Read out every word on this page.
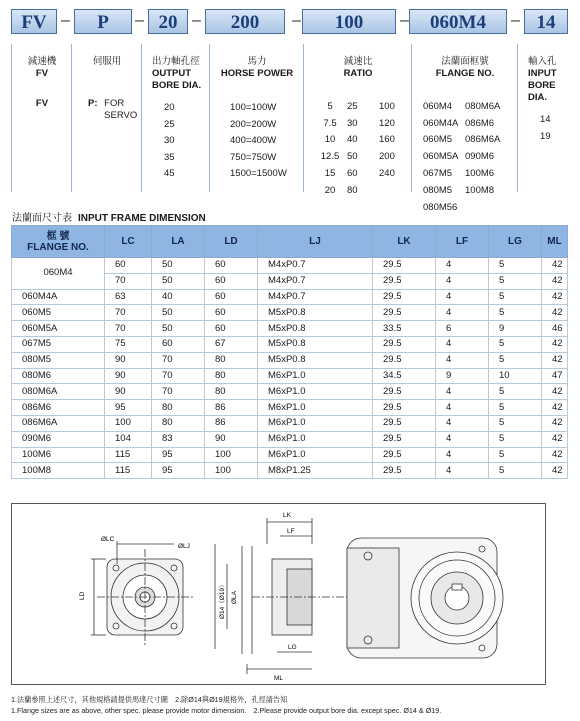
FV –	P	– 20 –	200	–	100	–	060M4	– 14
減速機
FV
FV
伺服用
P: FOR
SERVO
出力軸孔徑
OUTPUT
BORE DIA.
20
25
30
35
45
馬力
HORSE POWER
100=100W
200=200W
400=400W
750=750W
1500=1500W
減速比
RATIO
5	25	100
7.5	30	120
10	40	160
12.5	50	200
15	60	240
20	80	
法蘭面框號
FLANGE NO.
060M4	080M6A
060M4A	086M6
060M5	086M6A
060M5A	090M6
067M5	100M6
080M5	100M8
080M56	
輸入孔
INPUT
BORE DIA.
14
19
法蘭面尺寸表 INPUT FRAME DIMENSION
框 號
FLANGE NO.	LC	LA	LD	LJ	LK	LF	LG	ML
060M4	60	50	60	M4xP0.7	29.5	4	5	42
	70	50	60	M4xP0.7	29.5	4	5	42
060M4A	63	40	60	M4xP0.7	29.5	4	5	42
060M5	70	50	60	M5xP0.8	29.5	4	5	42
060M5A	70	50	60	M5xP0.8	33.5	6	9	46
067M5	75	60	67	M5xP0.8	29.5	4	5	42
080M5	90	70	80	M5xP0.8	29.5	4	5	42
080M6	90	70	80	M6xP1.0	34.5	9	10	47
080M6A	90	70	80	M6xP1.0	29.5	4	5	42
086M6	95	80	86	M6xP1.0	29.5	4	5	42
086M6A	100	80	86	M6xP1.0	29.5	4	5	42
090M6	104	83	90	M6xP1.0	29.5	4	5	42
100M6	115	95	100	M6xP1.0	29.5	4	5	42
100M8	115	95	100	M8xP1.25	29.5	4	5	42
ØLC
ØLJ
LD
LK
LF
LG
ML
ØLA
Ø14（Ø19）
1.法蘭參照上述尺寸，其他規格請提供馬達尺寸圖　2.除Ø14與Ø19規格外，孔徑請告知
1.Flange sizes are as above, other spec. please provide motor dimension.　2.Please provide output bore dia. except spec. Ø14 & Ø19.
